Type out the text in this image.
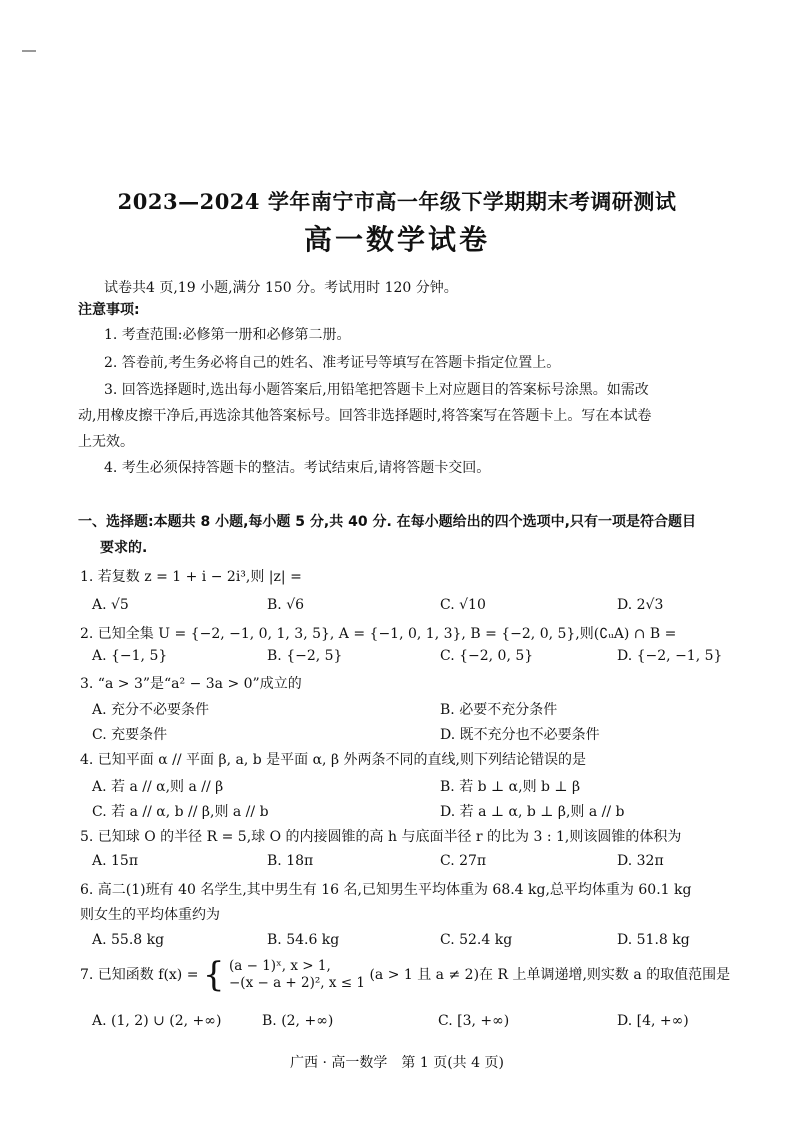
2023—2024 学年南宁市高一年级下学期期末考调研测试
高一数学试卷
试卷共4 页,19 小题,满分 150 分。考试用时 120 分钟。
注意事项:
1. 考查范围:必修第一册和必修第二册。
2. 答卷前,考生务必将自己的姓名、准考证号等填写在答题卡指定位置上。
3. 回答选择题时,选出每小题答案后,用铅笔把答题卡上对应题目的答案标号涂黑。如需改
动,用橡皮擦干净后,再选涂其他答案标号。回答非选择题时,将答案写在答题卡上。写在本试卷
上无效。
4. 考生必须保持答题卡的整洁。考试结束后,请将答题卡交回。
一、选择题:本题共 8 小题,每小题 5 分,共 40 分. 在每小题给出的四个选项中,只有一项是符合题目
要求的.
1. 若复数 z = 1 + i − 2i³,则 |z| =
A. √5	B. √6	C. √10	D. 2√3
2. 已知全集 U = {−2, −1, 0, 1, 3, 5}, A = {−1, 0, 1, 3}, B = {−2, 0, 5},则(∁ᵤA) ∩ B =
A. {−1, 5}	B. {−2, 5}	C. {−2, 0, 5}	D. {−2, −1, 5}
3. “a > 3”是“a² − 3a > 0”成立的
A. 充分不必要条件	B. 必要不充分条件
C. 充要条件	D. 既不充分也不必要条件
4. 已知平面 α // 平面 β, a, b 是平面 α, β 外两条不同的直线,则下列结论错误的是
A. 若 a // α,则 a // β	B. 若 b ⊥ α,则 b ⊥ β
C. 若 a // α, b // β,则 a // b	D. 若 a ⊥ α, b ⊥ β,则 a // b
5. 已知球 O 的半径 R = 5,球 O 的内接圆锥的高 h 与底面半径 r 的比为 3 : 1,则该圆锥的体积为
A. 15π	B. 18π	C. 27π	D. 32π
6. 高二(1)班有 40 名学生,其中男生有 16 名,已知男生平均体重为 68.4 kg,总平均体重为 60.1 kg
则女生的平均体重约为
A. 55.8 kg	B. 54.6 kg	C. 52.4 kg	D. 51.8 kg
7. 已知函数 f(x) = { (a − 1)ˣ, x > 1,
−(x − a + 2)², x ≤ 1 (a > 1 且 a ≠ 2)在 R 上单调递增,则实数 a 的取值范围是
A. (1, 2) ∪ (2, +∞)	B. (2, +∞)	C. [3, +∞)	D. [4, +∞)
广西 · 高一数学　第 1 页(共 4 页)
